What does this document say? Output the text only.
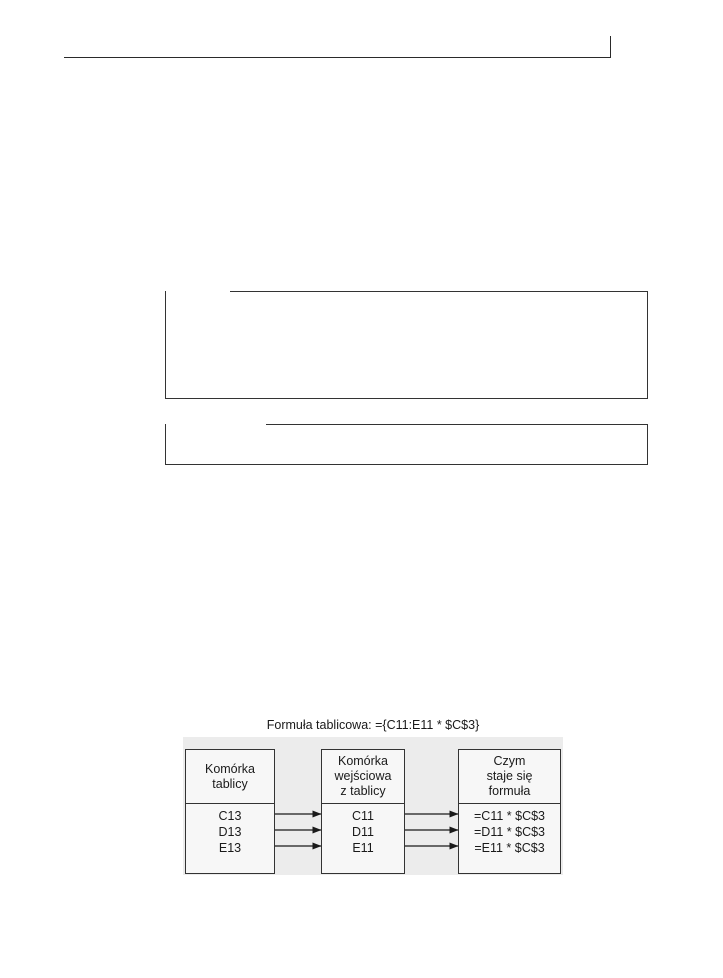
Formuła tablicowa: ={C11:E11 * $C$3}
Komórka
tablicy
C13
D13
E13
Komórka
wejściowa
z tablicy
C11
D11
E11
Czym
staje się
formuła
=C11 * $C$3
=D11 * $C$3
=E11 * $C$3
